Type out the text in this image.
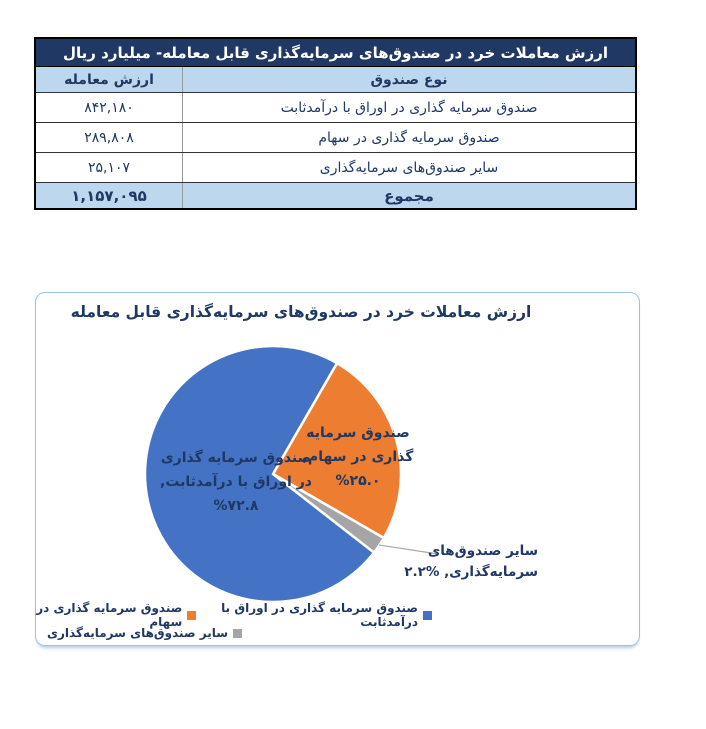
ارزش معاملات خرد در صندوق‌های سرمایه‌گذاری قابل معامله- میلیارد ریال
نوع صندوق
ارزش معامله
صندوق سرمایه گذاری در اوراق با درآمدثابت
۸۴۲,۱۸۰
صندوق سرمایه گذاری در سهام
۲۸۹,۸۰۸
سایر صندوق‌های سرمایه‌گذاری
۲۵,۱۰۷
مجموع
۱,۱۵۷,۰۹۵
ارزش معاملات خرد در صندوق‌های سرمایه‌گذاری قابل معامله
صندوق سرمایه گذاری
در اوراق با درآمدثابت,
%۷۲.۸
صندوق سرمایه
گذاری در سهام,
%۲۵.۰
سایر صندوق‌های
سرمایه‌گذاری, %۲.۲
صندوق سرمایه گذاری در اوراق با درآمدثابت
صندوق سرمایه گذاری در سهام
سایر صندوق‌های سرمایه‌گذاری
